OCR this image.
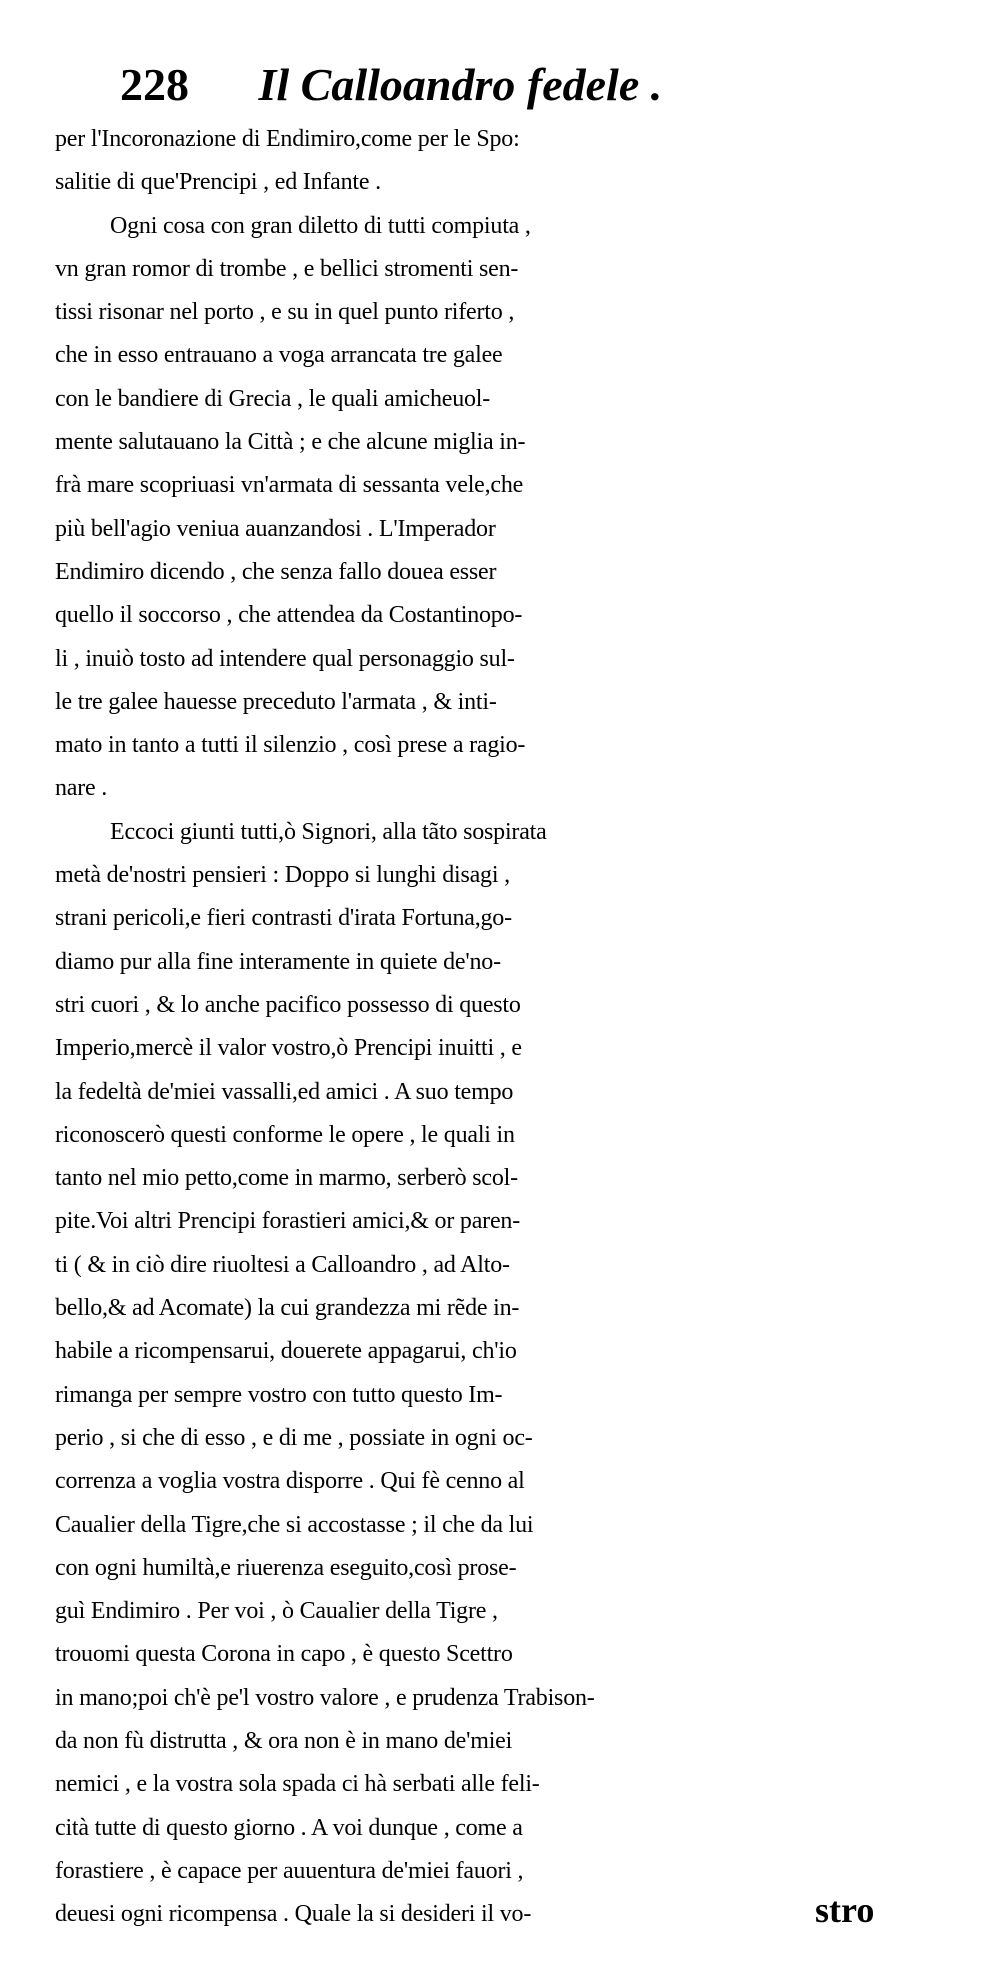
228 Il Calloandro fedele .
per l'Incoronazione di Endimiro,come per le Spo:
salitie di que'Prencipi , ed Infante .
Ogni cosa con gran diletto di tutti compiuta ,
vn gran romor di trombe , e bellici stromenti sen-
tissi risonar nel porto , e su in quel punto riferto ,
che in esso entrauano a voga arrancata tre galee
con le bandiere di Grecia , le quali amicheuol-
mente salutauano la Città ; e che alcune miglia in-
frà mare scopriuasi vn'armata di sessanta vele,che
più bell'agio veniua auanzandosi . L'Imperador
Endimiro dicendo , che senza fallo douea esser
quello il soccorso , che attendea da Costantinopo-
li , inuiò tosto ad intendere qual personaggio sul-
le tre galee hauesse preceduto l'armata , & inti-
mato in tanto a tutti il silenzio , così prese a ragio-
nare .
Eccoci giunti tutti,ò Signori, alla tãto sospirata
metà de'nostri pensieri : Doppo si lunghi disagi ,
strani pericoli,e fieri contrasti d'irata Fortuna,go-
diamo pur alla fine interamente in quiete de'no-
stri cuori , & lo anche pacifico possesso di questo
Imperio,mercè il valor vostro,ò Prencipi inuitti , e
la fedeltà de'miei vassalli,ed amici . A suo tempo
riconoscerò questi conforme le opere , le quali in
tanto nel mio petto,come in marmo, serberò scol-
pite.Voi altri Prencipi forastieri amici,& or paren-
ti ( & in ciò dire riuoltesi a Calloandro , ad Alto-
bello,& ad Acomate) la cui grandezza mi rẽde in-
habile a ricompensarui, douerete appagarui, ch'io
rimanga per sempre vostro con tutto questo Im-
perio , si che di esso , e di me , possiate in ogni oc-
correnza a voglia vostra disporre . Qui fè cenno al
Caualier della Tigre,che si accostasse ; il che da lui
con ogni humiltà,e riuerenza eseguito,così prose-
guì Endimiro . Per voi , ò Caualier della Tigre ,
trouomi questa Corona in capo , è questo Scettro
in mano;poi ch'è pe'l vostro valore , e prudenza Trabison-
da non fù distrutta , & ora non è in mano de'miei
nemici , e la vostra sola spada ci hà serbati alle feli-
cità tutte di questo giorno . A voi dunque , come a
forastiere , è capace per auuentura de'miei fauori ,
deuesi ogni ricompensa . Quale la si desideri il vo-	stro
